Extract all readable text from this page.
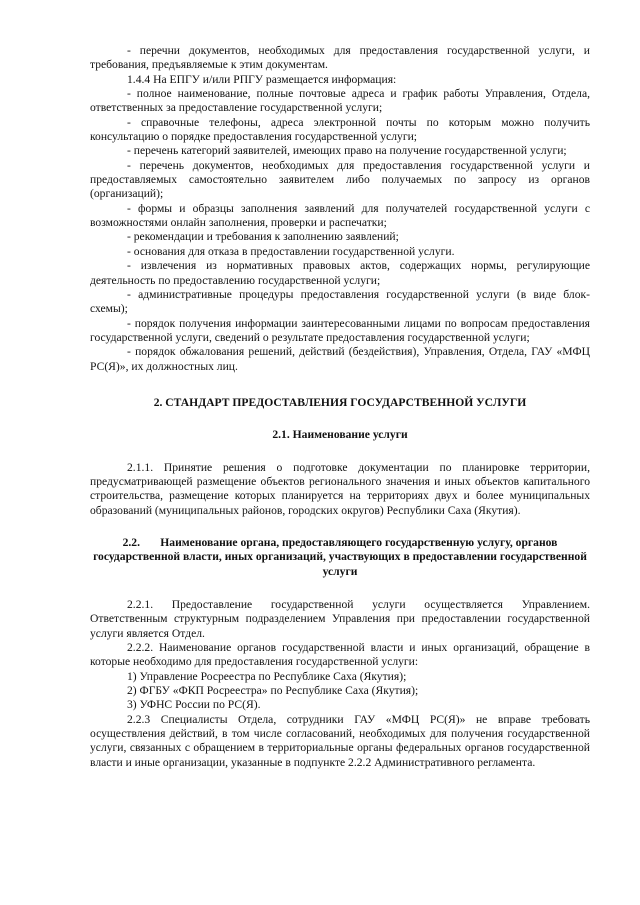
- перечни документов, необходимых для предоставления государственной услуги, и требования, предъявляемые к этим документам.

1.4.4 На ЕПГУ и/или РПГУ размещается информация:

- полное наименование, полные почтовые адреса и график работы Управления, Отдела, ответственных за предоставление государственной услуги;

- справочные телефоны, адреса электронной почты по которым можно получить консультацию о порядке предоставления государственной услуги;

- перечень категорий заявителей, имеющих право на получение государственной услуги;

- перечень документов, необходимых для предоставления государственной услуги и предоставляемых самостоятельно заявителем либо получаемых по запросу из органов (организаций);

- формы и образцы заполнения заявлений для получателей государственной услуги с возможностями онлайн заполнения, проверки и распечатки;

- рекомендации и требования к заполнению заявлений;

- основания для отказа в предоставлении государственной услуги.

- извлечения из нормативных правовых актов, содержащих нормы, регулирующие деятельность по предоставлению государственной услуги;

- административные процедуры предоставления государственной услуги (в виде блок-схемы);

- порядок получения информации заинтересованными лицами по вопросам предоставления государственной услуги, сведений о результате предоставления государственной услуги;

- порядок обжалования решений, действий (бездействия), Управления, Отдела, ГАУ «МФЦ РС(Я)», их должностных лиц.

2. СТАНДАРТ ПРЕДОСТАВЛЕНИЯ ГОСУДАРСТВЕННОЙ УСЛУГИ

2.1. Наименование услуги

2.1.1. Принятие решения о подготовке документации по планировке территории, предусматривающей размещение объектов регионального значения и иных объектов капитального строительства, размещение которых планируется на территориях двух и более муниципальных образований (муниципальных районов, городских округов) Республики Саха (Якутия).

2.2. Наименование органа, предоставляющего государственную услугу, органов государственной власти, иных организаций, участвующих в предоставлении государственной услуги

2.2.1. Предоставление государственной услуги осуществляется Управлением. Ответственным структурным подразделением Управления при предоставлении государственной услуги является Отдел.

2.2.2. Наименование органов государственной власти и иных организаций, обращение в которые необходимо для предоставления государственной услуги:

1) Управление Росреестра по Республике Саха (Якутия);

2) ФГБУ «ФКП Росреестра» по Республике Саха (Якутия);

3) УФНС России по РС(Я).

2.2.3 Специалисты Отдела, сотрудники ГАУ «МФЦ РС(Я)» не вправе требовать осуществления действий, в том числе согласований, необходимых для получения государственной услуги, связанных с обращением в территориальные органы федеральных органов государственной власти и иные организации, указанные в подпункте 2.2.2 Административного регламента.
